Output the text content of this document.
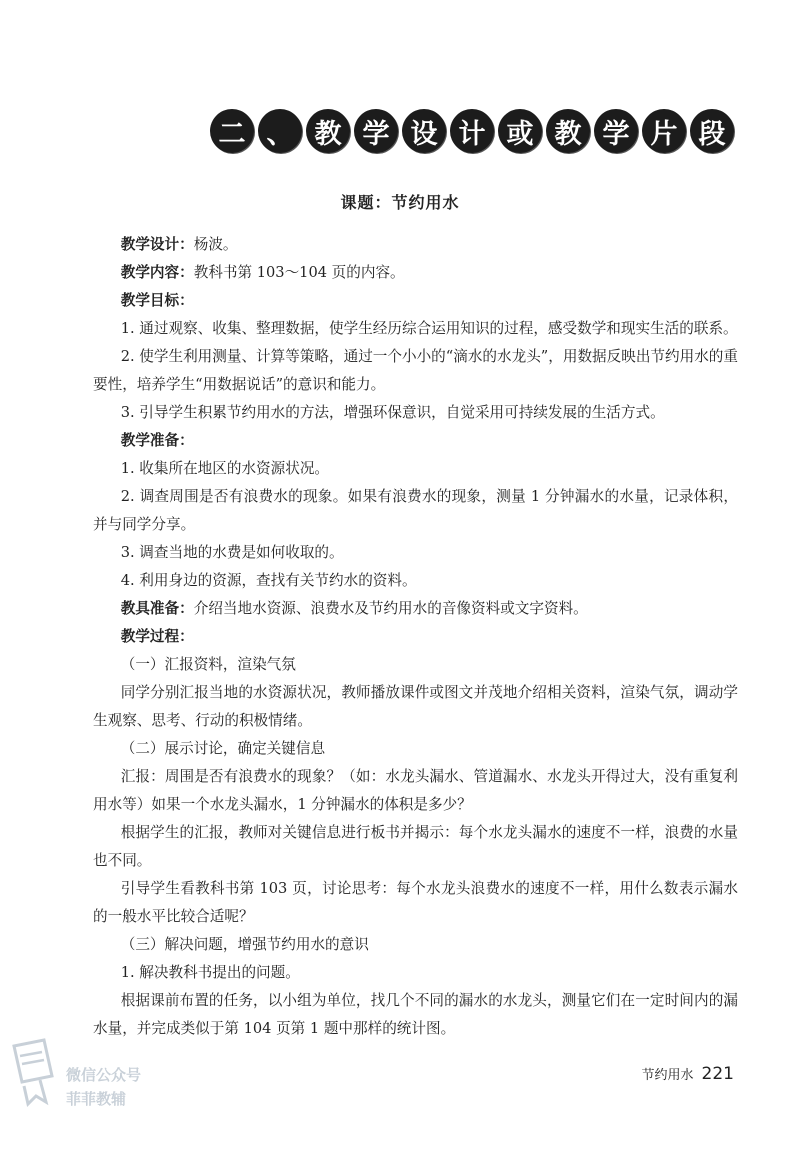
二 、 教 学 设 计 或 教 学 片 段
课题：节约用水

教学设计：杨波。

教学内容：教科书第 103～104 页的内容。

教学目标：

1. 通过观察、收集、整理数据，使学生经历综合运用知识的过程，感受数学和现实生活的联系。

2. 使学生利用测量、计算等策略，通过一个小小的“滴水的水龙头”，用数据反映出节约用水的重要性，培养学生“用数据说话”的意识和能力。

3. 引导学生积累节约用水的方法，增强环保意识，自觉采用可持续发展的生活方式。

教学准备：

1. 收集所在地区的水资源状况。

2. 调查周围是否有浪费水的现象。如果有浪费水的现象，测量 1 分钟漏水的水量，记录体积，并与同学分享。

3. 调查当地的水费是如何收取的。

4. 利用身边的资源，查找有关节约水的资料。

教具准备：介绍当地水资源、浪费水及节约用水的音像资料或文字资料。

教学过程：

（一）汇报资料，渲染气氛

同学分别汇报当地的水资源状况，教师播放课件或图文并茂地介绍相关资料，渲染气氛，调动学生观察、思考、行动的积极情绪。

（二）展示讨论，确定关键信息

汇报：周围是否有浪费水的现象？（如：水龙头漏水、管道漏水、水龙头开得过大，没有重复利用水等）如果一个水龙头漏水，1 分钟漏水的体积是多少？

根据学生的汇报，教师对关键信息进行板书并揭示：每个水龙头漏水的速度不一样，浪费的水量也不同。

引导学生看教科书第 103 页，讨论思考：每个水龙头浪费水的速度不一样，用什么数表示漏水的一般水平比较合适呢？

（三）解决问题，增强节约用水的意识

1. 解决教科书提出的问题。

根据课前布置的任务，以小组为单位，找几个不同的漏水的水龙头，测量它们在一定时间内的漏水量，并完成类似于第 104 页第 1 题中那样的统计图。

节约用水 221
微信公众号
菲菲教辅
